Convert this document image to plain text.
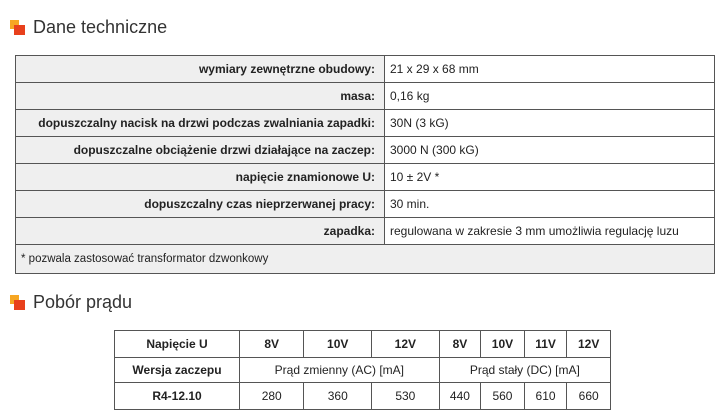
Dane techniczne
wymiary zewnętrzne obudowy:	21 x 29 x 68 mm
masa:	0,16 kg
dopuszczalny nacisk na drzwi podczas zwalniania zapadki:	30N (3 kG)
dopuszczalne obciążenie drzwi działające na zaczep:	3000 N (300 kG)
napięcie znamionowe U:	10 ± 2V *
dopuszczalny czas nieprzerwanej pracy:	30 min.
zapadka:	regulowana w zakresie 3 mm umożliwia regulację luzu
* pozwala zastosować transformator dzwonkowy	
Pobór prądu
Napięcie U	8V	10V	12V	8V	10V	11V	12V
Wersja zaczepu	Prąd zmienny (AC) [mA]			Prąd stały (DC) [mA]			
R4-12.10	280	360	530	440	560	610	660
